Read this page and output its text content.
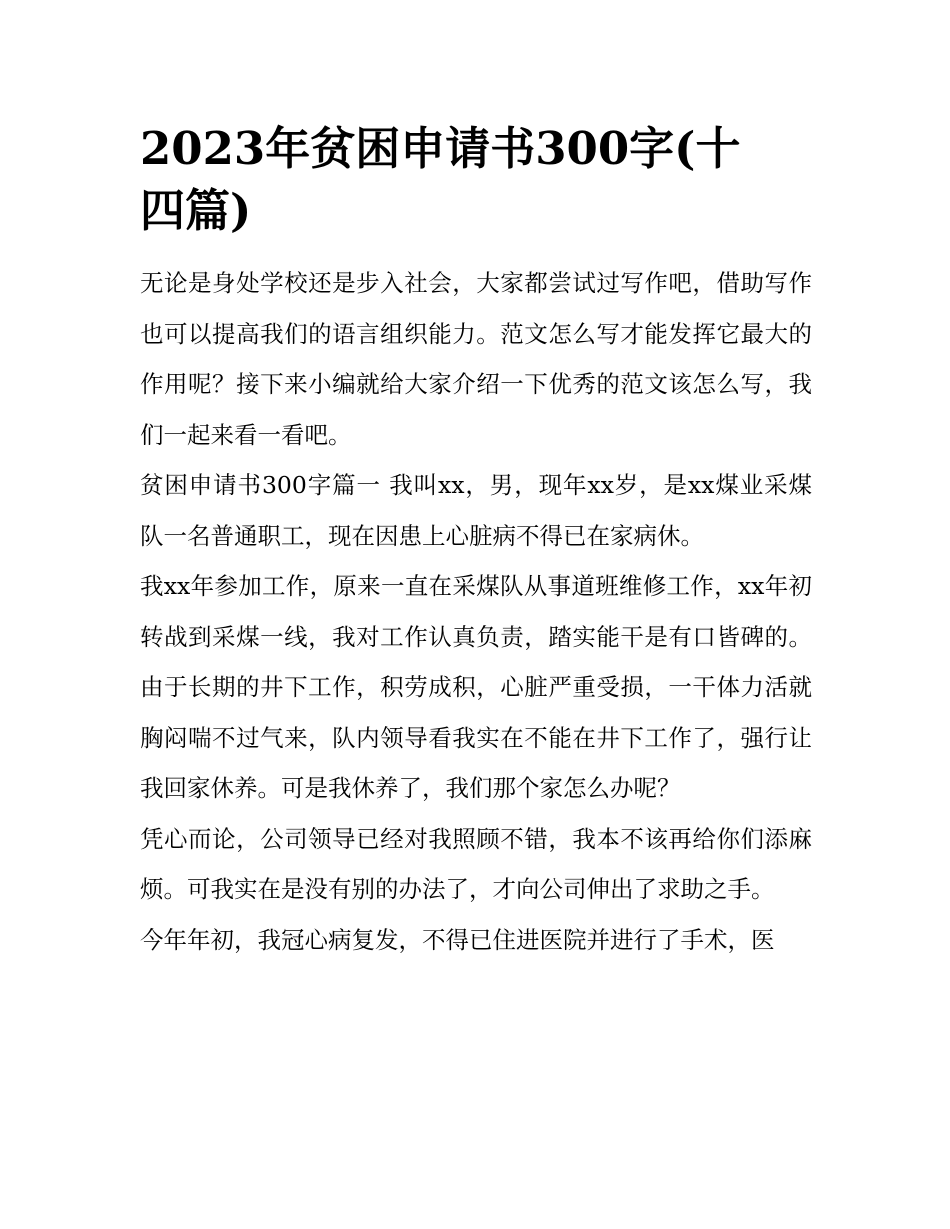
2023年贫困申请书300字(十四篇)

无论是身处学校还是步入社会，大家都尝试过写作吧，借助写作也可以提高我们的语言组织能力。范文怎么写才能发挥它最大的作用呢？接下来小编就给大家介绍一下优秀的范文该怎么写，我们一起来看一看吧。

贫困申请书300字篇一 我叫xx，男，现年xx岁，是xx煤业采煤队一名普通职工，现在因患上心脏病不得已在家病休。

我xx年参加工作，原来一直在采煤队从事道班维修工作，xx年初转战到采煤一线，我对工作认真负责，踏实能干是有口皆碑的。由于长期的井下工作，积劳成积，心脏严重受损，一干体力活就胸闷喘不过气来，队内领导看我实在不能在井下工作了，强行让我回家休养。可是我休养了，我们那个家怎么办呢？

凭心而论，公司领导已经对我照顾不错，我本不该再给你们添麻烦。可我实在是没有别的办法了，才向公司伸出了求助之手。

今年年初，我冠心病复发，不得已住进医院并进行了手术，医
